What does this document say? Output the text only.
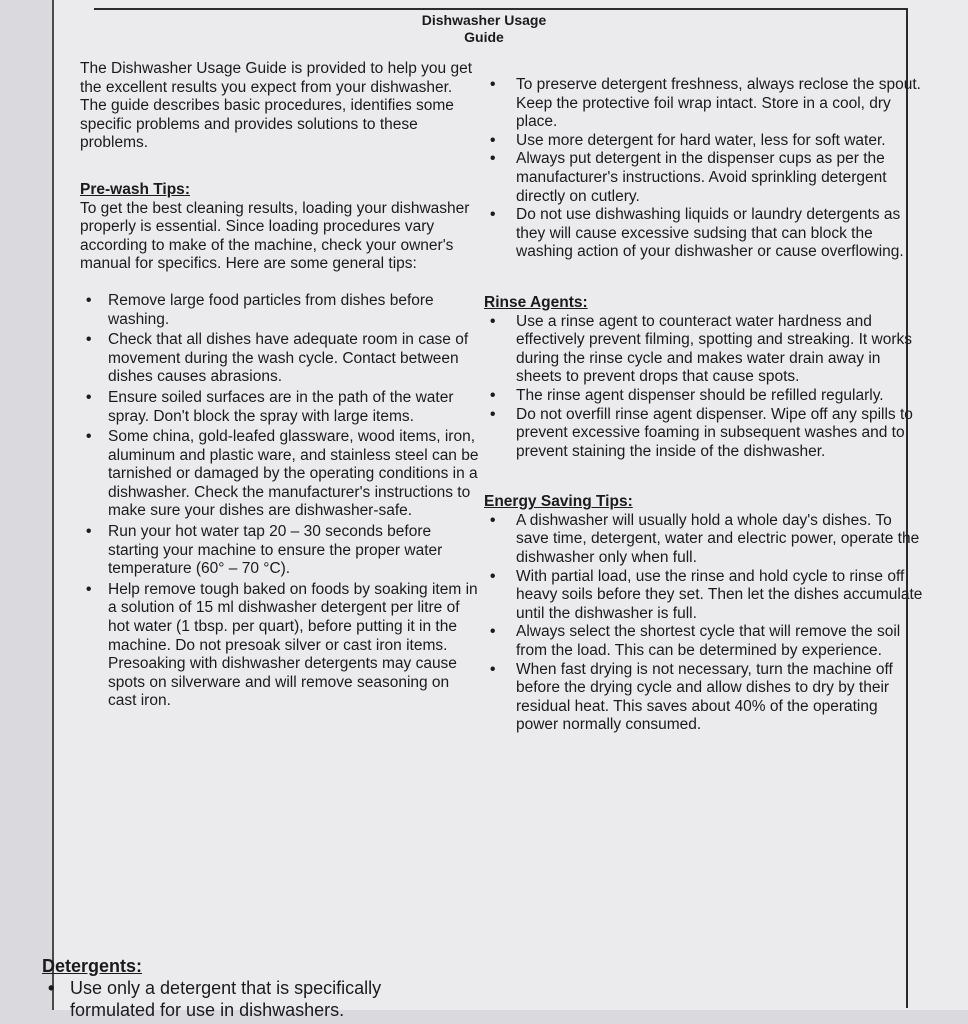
Dishwasher Usage
Guide

The Dishwasher Usage Guide is provided to help you get the excellent results you expect from your dishwasher.

The guide describes basic procedures, identifies some specific problems and provides solutions to these problems.

Pre-wash Tips:

To get the best cleaning results, loading your dishwasher properly is essential. Since loading procedures vary according to make of the machine, check your owner's manual for specifics. Here are some general tips:

• Remove large food particles from dishes before washing.
• Check that all dishes have adequate room in case of movement during the wash cycle. Contact between dishes causes abrasions.
• Ensure soiled surfaces are in the path of the water spray. Don't block the spray with large items.
• Some china, gold-leafed glassware, wood items, iron, aluminum and plastic ware, and stainless steel can be tarnished or damaged by the operating conditions in a dishwasher. Check the manufacturer's instructions to make sure your dishes are dishwasher-safe.
• Run your hot water tap 20 – 30 seconds before starting your machine to ensure the proper water temperature (60° – 70 °C).
• Help remove tough baked on foods by soaking item in a solution of 15 ml dishwasher detergent per litre of hot water (1 tbsp. per quart), before putting it in the machine. Do not presoak silver or cast iron items. Presoaking with dishwasher detergents may cause spots on silverware and will remove seasoning on cast iron.

Detergents:

• Use only a detergent that is specifically formulated for use in dishwashers.
• To preserve detergent freshness, always reclose the spout. Keep the protective foil wrap intact. Store in a cool, dry place.
• Use more detergent for hard water, less for soft water.
• Always put detergent in the dispenser cups as per the manufacturer's instructions. Avoid sprinkling detergent directly on cutlery.
• Do not use dishwashing liquids or laundry detergents as they will cause excessive sudsing that can block the washing action of your dishwasher or cause overflowing.

Rinse Agents:

• Use a rinse agent to counteract water hardness and effectively prevent filming, spotting and streaking. It works during the rinse cycle and makes water drain away in sheets to prevent drops that cause spots.
• The rinse agent dispenser should be refilled regularly.
• Do not overfill rinse agent dispenser. Wipe off any spills to prevent excessive foaming in subsequent washes and to prevent staining the inside of the dishwasher.

Energy Saving Tips:

• A dishwasher will usually hold a whole day's dishes. To save time, detergent, water and electric power, operate the dishwasher only when full.
• With partial load, use the rinse and hold cycle to rinse off heavy soils before they set. Then let the dishes accumulate until the dishwasher is full.
• Always select the shortest cycle that will remove the soil from the load. This can be determined by experience.
• When fast drying is not necessary, turn the machine off before the drying cycle and allow dishes to dry by their residual heat. This saves about 40% of the operating power normally consumed.
